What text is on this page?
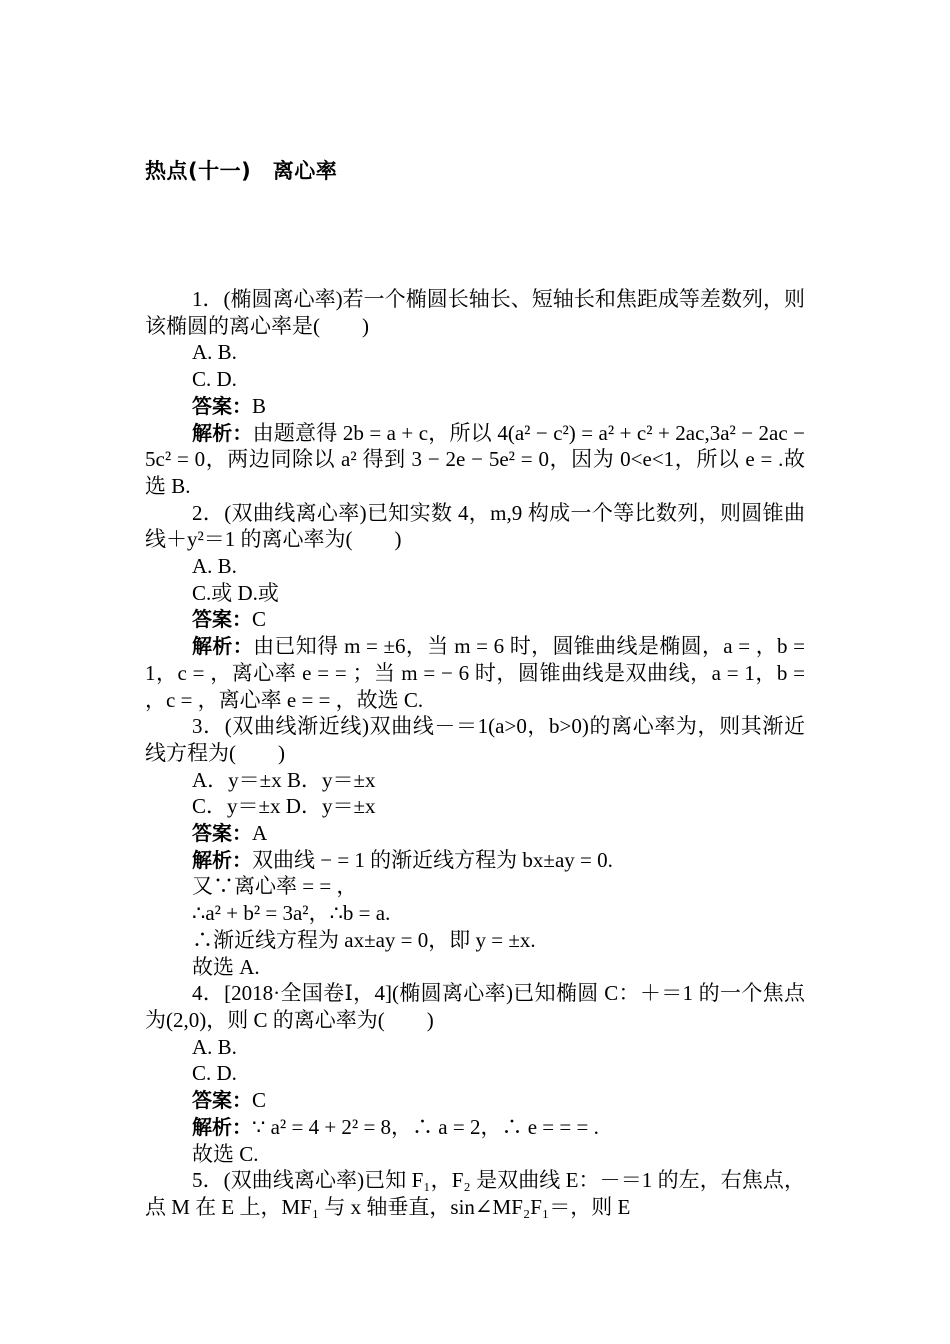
热点(十一)　离心率

1．(椭圆离心率)若一个椭圆长轴长、短轴长和焦距成等差数列，则该椭圆的离心率是(　　)

A. B.

C. D.

答案：B

解析：由题意得 2b = a + c，所以 4(a² − c²) = a² + c² + 2ac,3a² − 2ac − 5c² = 0，两边同除以 a² 得到 3 − 2e − 5e² = 0，因为 0<e<1，所以 e = .故选 B.

2．(双曲线离心率)已知实数 4，m,9 构成一个等比数列，则圆锥曲线＋y²＝1 的离心率为(　　)

A. B.

C.或 D.或

答案：C

解析：由已知得 m = ±6，当 m = 6 时，圆锥曲线是椭圆，a = ，b = 1，c = ，离心率 e = = ；当 m = − 6 时，圆锥曲线是双曲线，a = 1，b = ，c = ，离心率 e = = ，故选 C.

3．(双曲线渐近线)双曲线－＝1(a>0，b>0)的离心率为，则其渐近线方程为(　　)

A．y＝±x B．y＝±x

C．y＝±x D．y＝±x

答案：A

解析：双曲线 − = 1 的渐近线方程为 bx±ay = 0.

又∵离心率 = = ，

∴a² + b² = 3a²，∴b = a.

∴渐近线方程为 ax±ay = 0，即 y = ±x.

故选 A.

4．[2018·全国卷Ⅰ，4](椭圆离心率)已知椭圆 C：＋＝1 的一个焦点为(2,0)，则 C 的离心率为(　　)

A. B.

C. D.

答案：C

解析：∵ a² = 4 + 2² = 8，∴ a = 2，∴ e = = = .

故选 C.

5．(双曲线离心率)已知 F₁，F₂ 是双曲线 E：－＝1 的左，右焦点，点 M 在 E 上，MF₁ 与 x 轴垂直，sin∠MF₂F₁＝，则 E
